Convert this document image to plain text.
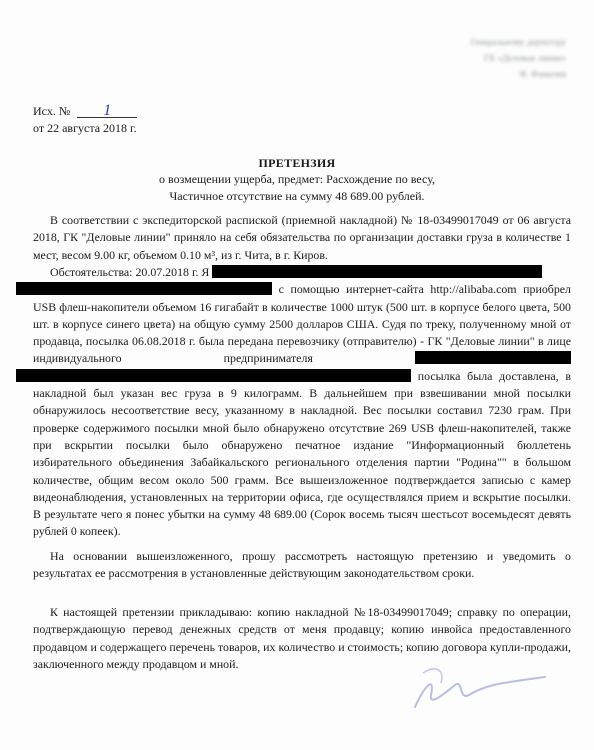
Генеральному директору
ГК «Деловые линии»
Ф. Фамилия
Исх. № 1
от 22 августа 2018 г.
ПРЕТЕНЗИЯ
о возмещении ущерба, предмет: Расхождение по весу,
Частичное отсутствие на сумму 48 689.00 рублей.

В соответствии с экспедиторской распиской (приемной накладной) № 18-03499017049 от 06 августа 2018, ГК "Деловые линии" приняло на себя обязательства по организации доставки груза в количестве 1 мест, весом 9.00 кг, объемом 0.10 м³, из г. Чита, в г. Киров.

Обстоятельства: 20.07.2018 г. Я
с помощью интернет-сайта http://alibaba.com приобрел USB флеш-накопители объемом 16 гигабайт в количестве 1000 штук (500 шт. в корпусе белого цвета, 500 шт. в корпусе синего цвета) на общую сумму 2500 долларов США. Судя по треку, полученному мной от продавца, посылка 06.08.2018 г. была передана перевозчику (отправителю) - ГК "Деловые линии" в лице индивидуального предпринимателя   посылка была доставлена, в накладной был указан вес груза в 9 килограмм. В дальнейшем при взвешивании мной посылки обнаружилось несоответствие весу, указанному в накладной. Вес посылки составил 7230 грам. При проверке содержимого посылки мной было обнаружено отсутствие 269 USB флеш-накопителей, также при вскрытии посылки было обнаружено печатное издание "Информационный бюллетень избирательного объединения Забайкальского регионального отделения партии "Родина"" в большом количестве, общим весом около 500 грамм. Все вышеизложенное подтверждается записью с камер видеонаблюдения, установленных на территории офиса, где осуществлялся прием и вскрытие посылки. В результате чего я понес убытки на сумму 48 689.00 (Сорок восемь тысяч шестьсот восемьдесят девять рублей 0 копеек).

На основании вышеизложенного, прошу рассмотреть настоящую претензию и уведомить о результатах ее рассмотрения в установленные действующим законодательством сроки.

К настоящей претензии прикладываю: копию накладной №18-03499017049; справку по операции, подтверждающую перевод денежных средств от меня продавцу; копию инвойса предоставленного продавцом и содержащего перечень товаров, их количество и стоимость; копию договора купли-продажи, заключенного между продавцом и мной.
